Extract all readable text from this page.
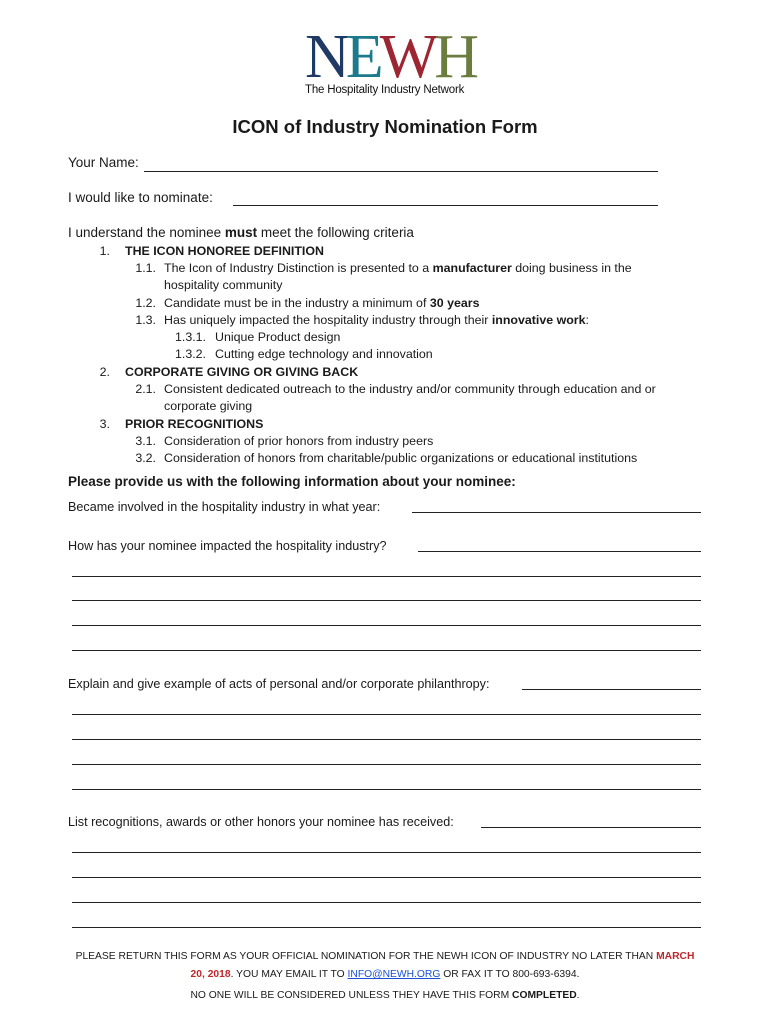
NEWH
The Hospitality Industry Network
ICON of Industry Nomination Form
Your Name:
I would like to nominate:
I understand the nominee must meet the following criteria
1. THE ICON HONOREE DEFINITION
1.1. The Icon of Industry Distinction is presented to a manufacturer doing business in the
hospitality community
1.2. Candidate must be in the industry a minimum of 30 years
1.3. Has uniquely impacted the hospitality industry through their innovative work:
1.3.1. Unique Product design
1.3.2. Cutting edge technology and innovation
2. CORPORATE GIVING OR GIVING BACK
2.1. Consistent dedicated outreach to the industry and/or community through education and or
corporate giving
3. PRIOR RECOGNITIONS
3.1. Consideration of prior honors from industry peers
3.2. Consideration of honors from charitable/public organizations or educational institutions
Please provide us with the following information about your nominee:
Became involved in the hospitality industry in what year:
How has your nominee impacted the hospitality industry?
Explain and give example of acts of personal and/or corporate philanthropy:
List recognitions, awards or other honors your nominee has received:
PLEASE RETURN THIS FORM AS YOUR OFFICIAL NOMINATION FOR THE NEWH ICON OF INDUSTRY NO LATER THAN MARCH
20, 2018. YOU MAY EMAIL IT TO INFO@NEWH.ORG OR FAX IT TO 800-693-6394.
NO ONE WILL BE CONSIDERED UNLESS THEY HAVE THIS FORM COMPLETED.
